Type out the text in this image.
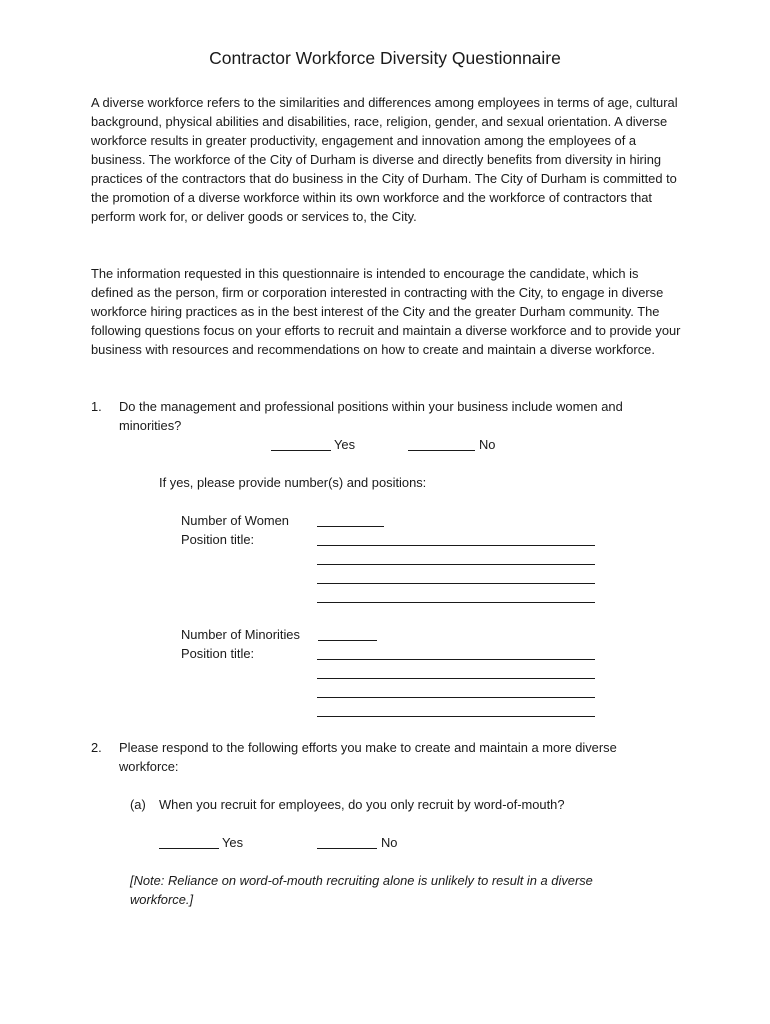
Contractor Workforce Diversity Questionnaire
A diverse workforce refers to the similarities and differences among employees in terms of age, cultural background, physical abilities and disabilities, race, religion, gender, and sexual orientation. A diverse workforce results in greater productivity, engagement and innovation among the employees of a business. The workforce of the City of Durham is diverse and directly benefits from diversity in hiring practices of the contractors that do business in the City of Durham. The City of Durham is committed to the promotion of a diverse workforce within its own workforce and the workforce of contractors that perform work for, or deliver goods or services to, the City.
The information requested in this questionnaire is intended to encourage the candidate, which is defined as the person, firm or corporation interested in contracting with the City, to engage in diverse workforce hiring practices as in the best interest of the City and the greater Durham community. The following questions focus on your efforts to recruit and maintain a diverse workforce and to provide your business with resources and recommendations on how to create and maintain a diverse workforce.
1. Do the management and professional positions within your business include women and minorities?
Yes	No
If yes, please provide number(s) and positions:
Number of Women
Position title:
Number of Minorities
Position title:
2. Please respond to the following efforts you make to create and maintain a more diverse workforce:
(a) When you recruit for employees, do you only recruit by word-of-mouth?
Yes	No
[Note: Reliance on word-of-mouth recruiting alone is unlikely to result in a diverse workforce.]
